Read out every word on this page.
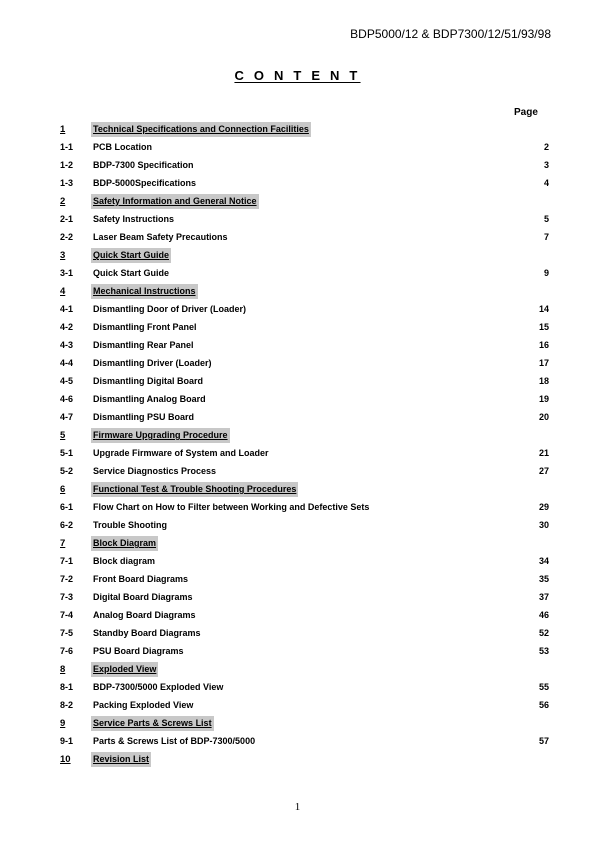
BDP5000/12 & BDP7300/12/51/93/98
C O N T E N T
Page
1	Technical Specifications and Connection Facilities
1-1 PCB Location	2
1-2 BDP-7300 Specification	3
1-3 BDP-5000Specifications	4
2	Safety Information and General Notice
2-1 Safety Instructions	5
2-2 Laser Beam Safety Precautions	7
3	Quick Start Guide
3-1 Quick Start Guide	9
4	Mechanical Instructions
4-1 Dismantling Door of Driver (Loader)	14
4-2 Dismantling Front Panel	15
4-3 Dismantling Rear Panel	16
4-4 Dismantling Driver (Loader)	17
4-5 Dismantling Digital Board	18
4-6 Dismantling Analog Board	19
4-7 Dismantling PSU Board	20
5	Firmware Upgrading Procedure
5-1 Upgrade Firmware of System and Loader	21
5-2 Service Diagnostics Process	27
6	Functional Test & Trouble Shooting Procedures
6-1 Flow Chart on How to Filter between Working and Defective Sets	29
6-2 Trouble Shooting	30
7	Block Diagram
7-1 Block diagram	34
7-2 Front Board Diagrams	35
7-3 Digital Board Diagrams	37
7-4 Analog Board Diagrams	46
7-5 Standby Board Diagrams	52
7-6 PSU Board Diagrams	53
8	Exploded View
8-1 BDP-7300/5000 Exploded View	55
8-2 Packing Exploded View	56
9	Service Parts & Screws List
9-1 Parts & Screws List of BDP-7300/5000	57
10 Revision List
1
